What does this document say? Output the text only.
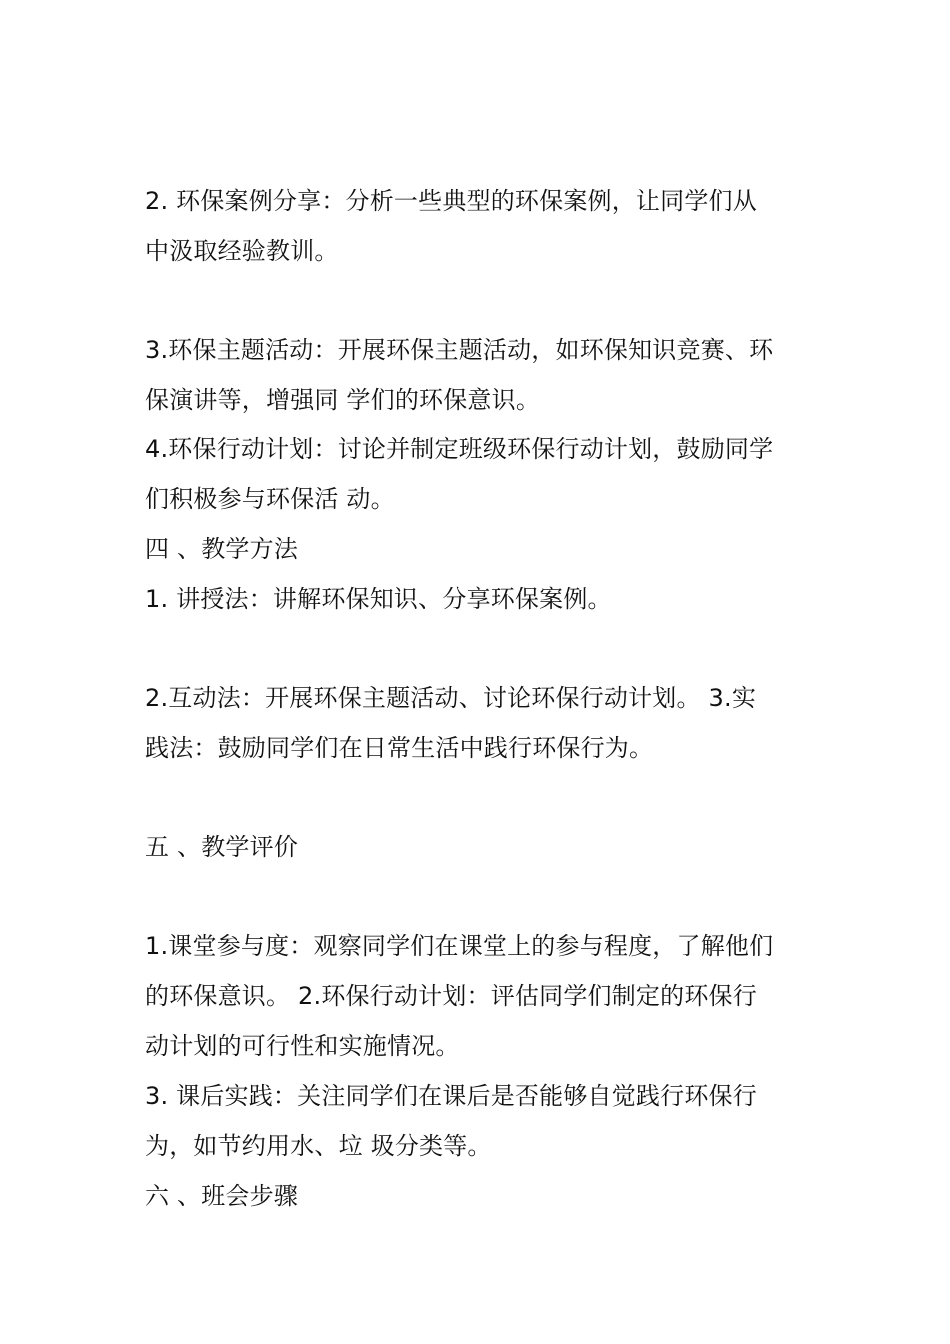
2. 环保案例分享：分析一些典型的环保案例，让同学们从
中汲取经验教训。
3.环保主题活动：开展环保主题活动，如环保知识竞赛、环
保演讲等，增强同 学们的环保意识。
4.环保行动计划：讨论并制定班级环保行动计划，鼓励同学
们积极参与环保活 动。
四 、教学方法
1. 讲授法：讲解环保知识、分享环保案例。
2.互动法：开展环保主题活动、讨论环保行动计划。 3.实
践法：鼓励同学们在日常生活中践行环保行为。
五 、教学评价
1.课堂参与度：观察同学们在课堂上的参与程度，了解他们
的环保意识。 2.环保行动计划：评估同学们制定的环保行
动计划的可行性和实施情况。
3. 课后实践：关注同学们在课后是否能够自觉践行环保行
为，如节约用水、垃 圾分类等。
六 、班会步骤
